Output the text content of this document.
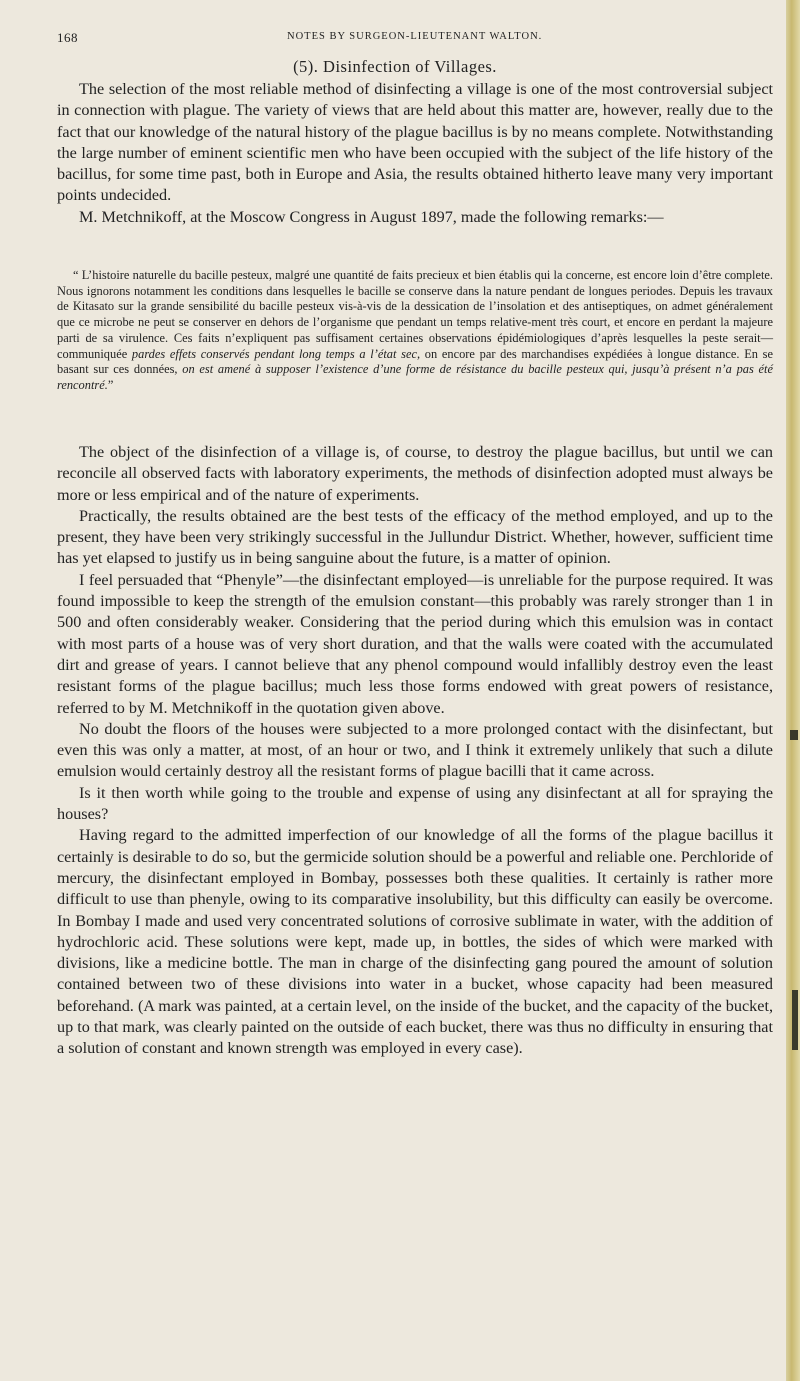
168	NOTES BY SURGEON-LIEUTENANT WALTON.
(5). Disinfection of Villages.

The selection of the most reliable method of disinfecting a village is one of the most controversial subject in connection with plague. The variety of views that are held about this matter are, however, really due to the fact that our knowledge of the natural history of the plague bacillus is by no means complete. Notwithstanding the large number of eminent scientific men who have been occupied with the subject of the life history of the bacillus, for some time past, both in Europe and Asia, the results obtained hitherto leave many very important points undecided.

M. Metchnikoff, at the Moscow Congress in August 1897, made the following remarks:—

“ L’histoire naturelle du bacille pesteux, malgré une quantité de faits precieux et bien établis qui la concerne, est encore loin d’être complete. Nous ignorons notamment les conditions dans lesquelles le bacille se conserve dans la nature pendant de longues periodes. Depuis les travaux de Kitasato sur la grande sensibilité du bacille pesteux vis-à-vis de la dessication de l’insolation et des antiseptiques, on admet généralement que ce microbe ne peut se conserver en dehors de l’organisme que pendant un temps relative-ment très court, et encore en perdant la majeure parti de sa virulence. Ces faits n’expliquent pas suffisament certaines observations épidémiologiques d’après lesquelles la peste serait—communiquée pardes effets conservés pendant long temps a l’état sec, on encore par des marchandises expédiées à longue distance. En se basant sur ces données, on est amené à supposer l’existence d’une forme de résistance du bacille pesteux qui, jusqu’à présent n’a pas été rencontré.”

The object of the disinfection of a village is, of course, to destroy the plague bacillus, but until we can reconcile all observed facts with laboratory experiments, the methods of disinfection adopted must always be more or less empirical and of the nature of experiments.

Practically, the results obtained are the best tests of the efficacy of the method employed, and up to the present, they have been very strikingly successful in the Jullundur District. Whether, however, sufficient time has yet elapsed to justify us in being sanguine about the future, is a matter of opinion.

I feel persuaded that “Phenyle”—the disinfectant employed—is unreliable for the purpose required. It was found impossible to keep the strength of the emulsion constant—this probably was rarely stronger than 1 in 500 and often considerably weaker. Considering that the period during which this emulsion was in contact with most parts of a house was of very short duration, and that the walls were coated with the accumulated dirt and grease of years. I cannot believe that any phenol compound would infallibly destroy even the least resistant forms of the plague bacillus; much less those forms endowed with great powers of resistance, referred to by M. Metchnikoff in the quotation given above.

No doubt the floors of the houses were subjected to a more prolonged contact with the disinfectant, but even this was only a matter, at most, of an hour or two, and I think it extremely unlikely that such a dilute emulsion would certainly destroy all the resistant forms of plague bacilli that it came across.

Is it then worth while going to the trouble and expense of using any disinfectant at all for spraying the houses?

Having regard to the admitted imperfection of our knowledge of all the forms of the plague bacillus it certainly is desirable to do so, but the germicide solution should be a powerful and reliable one. Perchloride of mercury, the disinfectant employed in Bombay, possesses both these qualities. It certainly is rather more difficult to use than phenyle, owing to its comparative insolubility, but this difficulty can easily be overcome. In Bombay I made and used very concentrated solutions of corrosive sublimate in water, with the addition of hydrochloric acid. These solutions were kept, made up, in bottles, the sides of which were marked with divisions, like a medicine bottle. The man in charge of the disinfecting gang poured the amount of solution contained between two of these divisions into water in a bucket, whose capacity had been measured beforehand. (A mark was painted, at a certain level, on the inside of the bucket, and the capacity of the bucket, up to that mark, was clearly painted on the outside of each bucket, there was thus no difficulty in ensuring that a solution of constant and known strength was employed in every case).
